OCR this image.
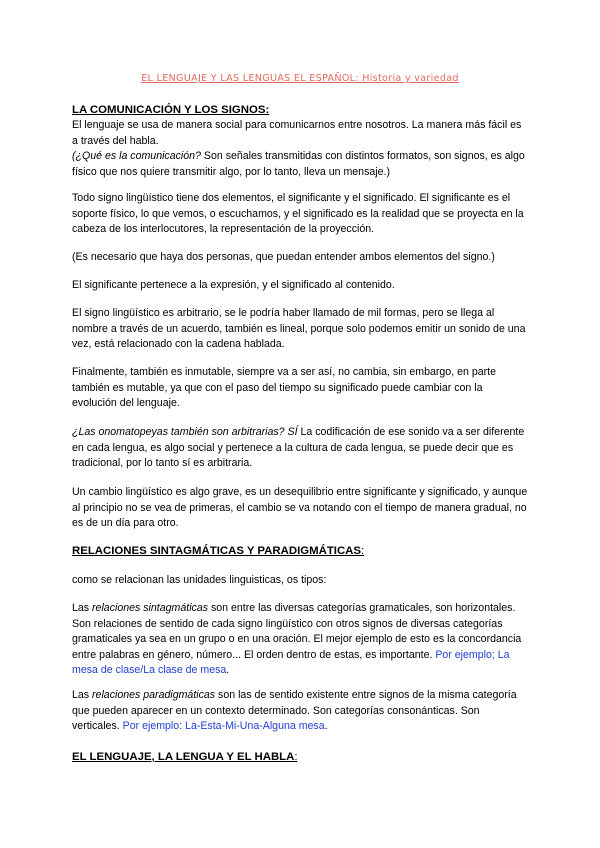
EL LENGUAJE Y LAS LENGUAS EL ESPAÑOL: Historia y variedad
LA COMUNICACIÓN Y LOS SIGNOS:
El lenguaje se usa de manera social para comunicarnos entre nosotros. La manera más fácil es a través del habla.
(¿Qué es la comunicación? Son señales transmitidas con distintos formatos, son signos, es algo físico que nos quiere transmitir algo, por lo tanto, lleva un mensaje.)
Todo signo lingüístico tiene dos elementos, el significante y el significado. El significante es el soporte físico, lo que vemos, o escuchamos, y el significado es la realidad que se proyecta en la cabeza de los interlocutores, la representación de la proyección.
(Es necesario que haya dos personas, que puedan entender ambos elementos del signo.)
El significante pertenece a la expresión, y el significado al contenido.
El signo lingüístico es arbitrario, se le podría haber llamado de mil formas, pero se llega al nombre a través de un acuerdo, también es lineal, porque solo podemos emitir un sonido de una vez, está relacionado con la cadena hablada.
Finalmente, también es inmutable, siempre va a ser así, no cambia, sin embargo, en parte también es mutable, ya que con el paso del tiempo su significado puede cambiar con la evolución del lenguaje.
¿Las onomatopeyas también son arbitrarias? SÍ La codificación de ese sonido va a ser diferente en cada lengua, es algo social y pertenece a la cultura de cada lengua, se puede decir que es tradicional, por lo tanto sí es arbitraria.
Un cambio lingüístico es algo grave, es un desequilibrio entre significante y significado, y aunque al principio no se vea de primeras, el cambio se va notando con el tiempo de manera gradual, no es de un día para otro.
RELACIONES SINTAGMÁTICAS Y PARADIGMÁTICAS:
como se relacionan las unidades linguisticas, os tipos:
Las relaciones sintagmáticas son entre las diversas categorías gramaticales, son horizontales. Son relaciones de sentido de cada signo lingüístico con otros signos de diversas categorías gramaticales ya sea en un grupo o en una oración. El mejor ejemplo de esto es la concordancia entre palabras en género, número... El orden dentro de estas, es importante. Por ejemplo; La mesa de clase/La clase de mesa.
Las relaciones paradigmáticas son las de sentido existente entre signos de la misma categoría que pueden aparecer en un contexto determinado. Son categorías consonánticas. Son verticales. Por ejemplo: La-Esta-Mi-Una-Alguna mesa.
EL LENGUAJE, LA LENGUA Y EL HABLA:
